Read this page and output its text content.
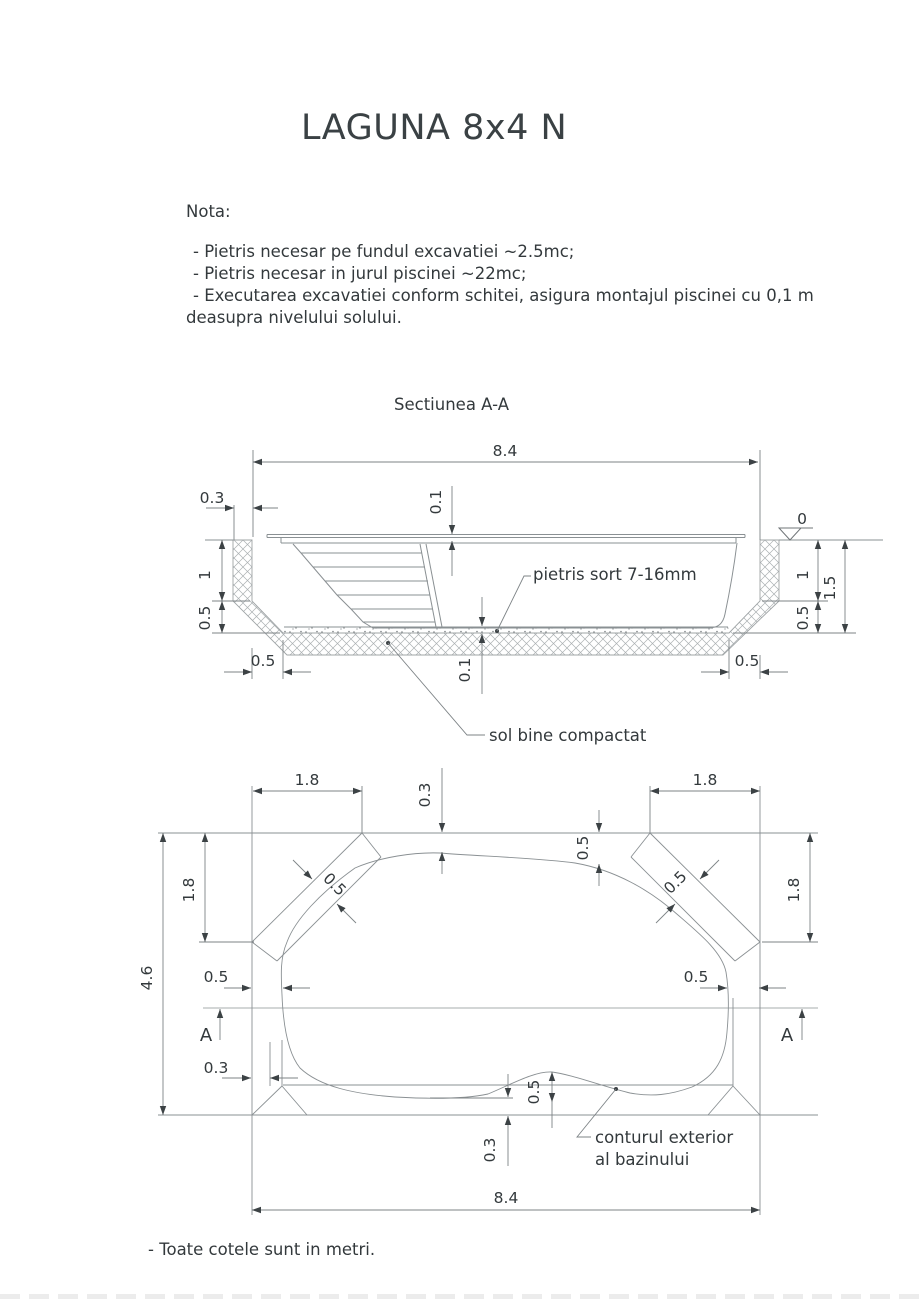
LAGUNA 8x4 N
Nota:
- Pietris necesar pe fundul excavatiei ~2.5mc;
- Pietris necesar in jurul piscinei ~22mc;
- Executarea excavatiei conform schitei, asigura montajul piscinei cu 0,1 m
deasupra nivelului solului.
Sectiunea A-A
8.4
0.3	0.1
0
1
0.5
0.5	0.1	0.5
1
0.5
1.5
pietris sort 7-16mm
sol bine compactat
4.6
1.8	1.8
1.8	1.8
0.3
0.5
0.5	0.5
0.5	0.5
0.3
A	A
0.5
0.3
8.4
conturul exterior
al bazinului
- Toate cotele sunt in metri.
